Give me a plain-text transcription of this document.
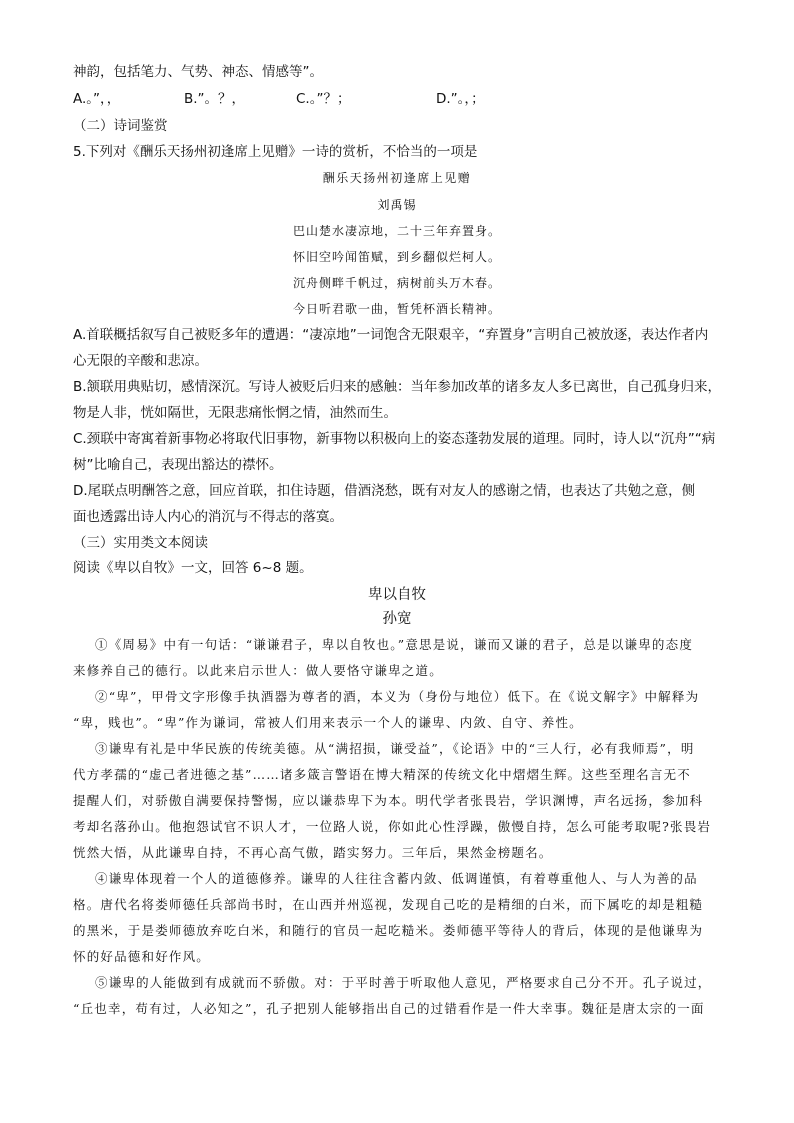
神韵，包括笔力、气势、神态、情感等”。
A.。”，，	B.”。？，	C.。”？；	D.”。，；
（二）诗词鉴赏
5.下列对《酬乐天扬州初逢席上见赠》一诗的赏析，不恰当的一项是
酬乐天扬州初逢席上见赠
刘禹锡
巴山楚水凄凉地，二十三年弃置身。
怀旧空吟闻笛赋，到乡翻似烂柯人。
沉舟侧畔千帆过，病树前头万木春。
今日听君歌一曲，暂凭杯酒长精神。
A.首联概括叙写自己被贬多年的遭遇：“凄凉地”一词饱含无限艰辛，“弃置身”言明自己被放逐，表达作者内
心无限的辛酸和悲凉。
B.颔联用典贴切，感情深沉。写诗人被贬后归来的感触：当年参加改革的诸多友人多已离世，自己孤身归来，
物是人非，恍如隔世，无限悲痛怅惘之情，油然而生。
C.颈联中寄寓着新事物必将取代旧事物，新事物以积极向上的姿态蓬勃发展的道理。同时，诗人以“沉舟”“病
树”比喻自己，表现出豁达的襟怀。
D.尾联点明酬答之意，回应首联，扣住诗题，借酒浇愁，既有对友人的感谢之情，也表达了共勉之意，侧
面也透露出诗人内心的消沉与不得志的落寞。
（三）实用类文本阅读
阅读《卑以自牧》一文，回答 6~8 题。
卑以自牧
孙宽
①《周易》中有一句话：“谦谦君子，卑以自牧也。”意思是说，谦而又谦的君子，总是以谦卑的态度
来修养自己的德行。以此来启示世人：做人要恪守谦卑之道。
②“卑”，甲骨文字形像手执酒器为尊者的酒，本义为（身份与地位）低下。在《说文解字》中解释为
“卑，贱也”。“卑”作为谦词，常被人们用来表示一个人的谦卑、内敛、自守、养性。
③谦卑有礼是中华民族的传统美德。从“满招损，谦受益”，《论语》中的“三人行，必有我师焉”，明
代方孝孺的“虚己者进德之基”……诸多箴言警语在博大精深的传统文化中熠熠生辉。这些至理名言无不
提醒人们，对骄傲自满要保持警惕，应以谦恭卑下为本。明代学者张畏岩，学识渊博，声名远扬，参加科
考却名落孙山。他抱怨试官不识人才，一位路人说，你如此心性浮躁，傲慢自持，怎么可能考取呢?张畏岩
恍然大悟，从此谦卑自持，不再心高气傲，踏实努力。三年后，果然金榜题名。
④谦卑体现着一个人的道德修养。谦卑的人往往含蓄内敛、低调谨慎，有着尊重他人、与人为善的品
格。唐代名将娄师德任兵部尚书时，在山西并州巡视，发现自己吃的是精细的白米，而下属吃的却是粗糙
的黑米，于是娄师德放弃吃白米，和随行的官员一起吃糙米。娄师德平等待人的背后，体现的是他谦卑为
怀的好品德和好作风。
⑤谦卑的人能做到有成就而不骄傲。对：于平时善于听取他人意见，严格要求自己分不开。孔子说过，
“丘也幸，苟有过，人必知之”，孔子把别人能够指出自己的过错看作是一件大幸事。魏征是唐太宗的一面
